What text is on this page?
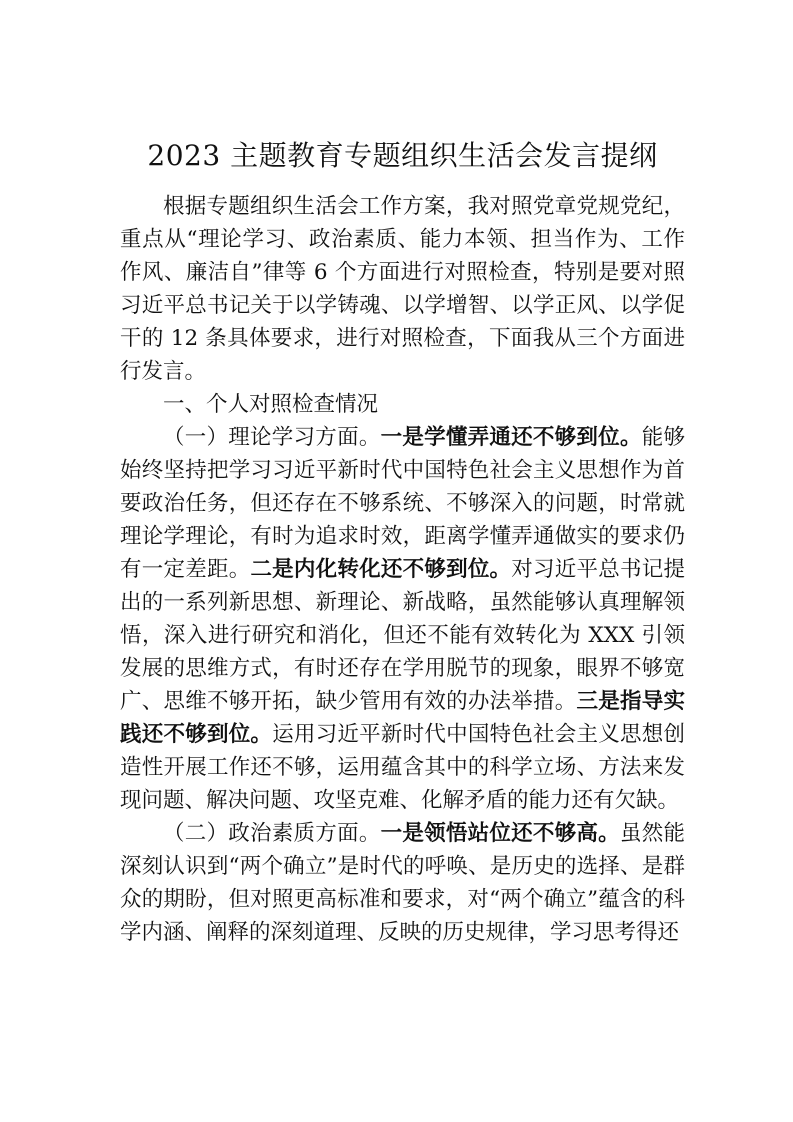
2023 主题教育专题组织生活会发言提纲

根据专题组织生活会工作方案，我对照党章党规党纪，重点从“理论学习、政治素质、能力本领、担当作为、工作作风、廉洁自”律等 6 个方面进行对照检查，特别是要对照习近平总书记关于以学铸魂、以学增智、以学正风、以学促干的 12 条具体要求，进行对照检查，下面我从三个方面进行发言。

一、个人对照检查情况

（一）理论学习方面。一是学懂弄通还不够到位。能够始终坚持把学习习近平新时代中国特色社会主义思想作为首要政治任务，但还存在不够系统、不够深入的问题，时常就理论学理论，有时为追求时效，距离学懂弄通做实的要求仍有一定差距。二是内化转化还不够到位。对习近平总书记提出的一系列新思想、新理论、新战略，虽然能够认真理解领悟，深入进行研究和消化，但还不能有效转化为 XXX 引领发展的思维方式，有时还存在学用脱节的现象，眼界不够宽广、思维不够开拓，缺少管用有效的办法举措。三是指导实践还不够到位。运用习近平新时代中国特色社会主义思想创造性开展工作还不够，运用蕴含其中的科学立场、方法来发现问题、解决问题、攻坚克难、化解矛盾的能力还有欠缺。

（二）政治素质方面。一是领悟站位还不够高。虽然能深刻认识到“两个确立”是时代的呼唤、是历史的选择、是群众的期盼，但对照更高标准和要求，对“两个确立”蕴含的科学内涵、阐释的深刻道理、反映的历史规律，学习思考得还
